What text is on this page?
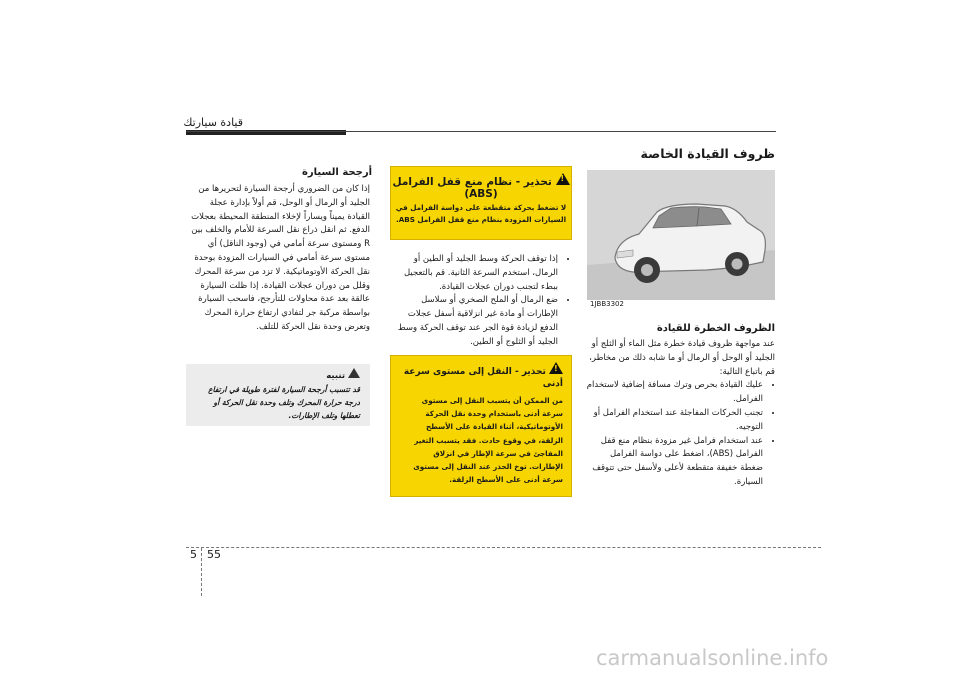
قيادة سيارتك
ظروف القيادة الخاصة
1JBB3302
الظروف الخطرة للقيادة
عند مواجهة ظروف قيادة خطرة مثل الماء أو الثلج أو الجليد أو الوحل أو الرمال أو ما شابه ذلك من مخاطر، قم باتباع التالية:
• عليك القيادة بحرص وترك مسافة إضافية لاستخدام الفرامل.
• تجنب الحركات المفاجئة عند استخدام الفرامل أو التوجيه.
• عند استخدام فرامل غير مزودة بنظام منع قفل الفرامل (ABS)، اضغط على دواسة الفرامل ضغطة خفيفة متقطعة لأعلى ولأسفل حتى تتوقف السيارة.
! تحذير - نظام منع قفل الفرامل (ABS)
لا تضغط بحركة متقطعة على دواسة الفرامل في السيارات المزودة بنظام منع قفل الفرامل ABS.
• إذا توقف الحركة وسط الجليد أو الطين أو الرمال، استخدم السرعة الثانية. قم بالتعجيل ببطء لتجنب دوران عجلات القيادة.
• ضع الرمال أو الملح الصخري أو سلاسل الإطارات أو مادة غير انزلاقية أسفل عجلات الدفع لزيادة قوة الجر عند توقف الحركة وسط الجليد أو الثلوج أو الطين.
! تحذير - النقل إلى مستوى سرعة أدنى
من الممكن أن يتسبب النقل إلى مستوى سرعة أدنى باستخدام وحدة نقل الحركة الأوتوماتيكية، أثناء القيادة على الأسطح الزلقة، في وقوع حادث. فقد يتسبب التغير المفاجئ في سرعة الإطار في انزلاق الإطارات. توخ الحذر عند النقل إلى مستوى سرعة أدنى على الأسطح الزلقة.
أرجحة السيارة
إذا كان من الضروري أرجحة السيارة لتحريرها من الجليد أو الرمال أو الوحل، قم أولاً بإدارة عجلة القيادة يميناً ويساراً لإخلاء المنطقة المحيطة بعجلات الدفع. ثم انقل ذراع نقل السرعة للأمام والخلف بين R ومستوى سرعة أمامي في (وجود الناقل) أي مستوى سرعة أمامي في السيارات المزودة بوحدة نقل الحركة الأوتوماتيكية. لا تزد من سرعة المحرك وقلل من دوران عجلات القيادة. إذا ظلت السيارة عالقة بعد عدة محاولات للتأرجح، فاسحب السيارة بواسطة مركبة جر لتفادي ارتفاع حرارة المحرك وتعرض وحدة نقل الحركة للتلف.
تنبيه
قد تتسبب أرجحة السيارة لفترة طويلة في ارتفاع درجة حرارة المحرك وتلف وحدة نقل الحركة أو تعطلها وتلف الإطارات.
5 55
carmanualsonline.info
